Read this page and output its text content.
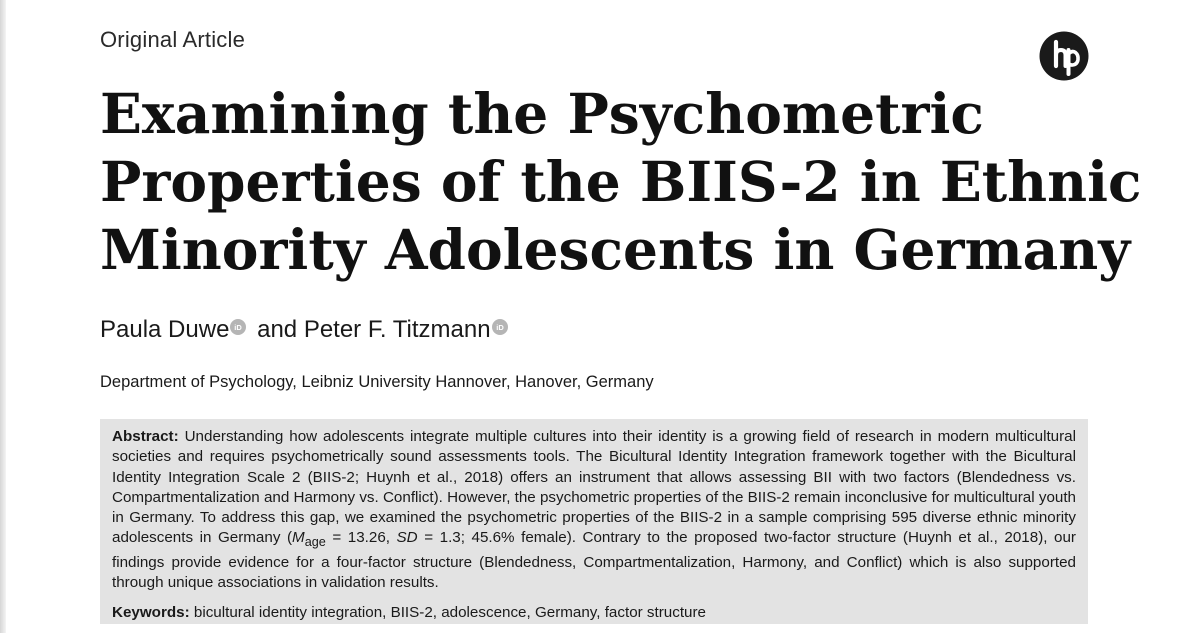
Original Article
Examining the Psychometric
Properties of the BIIS-2 in Ethnic
Minority Adolescents in Germany
Paula Duwe iD and Peter F. Titzmann iD
Department of Psychology, Leibniz University Hannover, Hanover, Germany

Abstract: Understanding how adolescents integrate multiple cultures into their identity is a growing field of research in modern multicultural societies and requires psychometrically sound assessments tools. The Bicultural Identity Integration framework together with the Bicultural Identity Integration Scale 2 (BIIS-2; Huynh et al., 2018) offers an instrument that allows assessing BII with two factors (Blendedness vs. Compartmentalization and Harmony vs. Conflict). However, the psychometric properties of the BIIS-2 remain inconclusive for multicultural youth in Germany. To address this gap, we examined the psychometric properties of the BIIS-2 in a sample comprising 595 diverse ethnic minority adolescents in Germany ($M_{age} = 13.26$, SD = 1.3; 45.6% female). Contrary to the proposed two-factor structure (Huynh et al., 2018), our findings provide evidence for a four-factor structure (Blendedness, Compartmentalization, Harmony, and Conflict) which is also supported through unique associations in validation results.

Keywords: bicultural identity integration, BIIS-2, adolescence, Germany, factor structure
